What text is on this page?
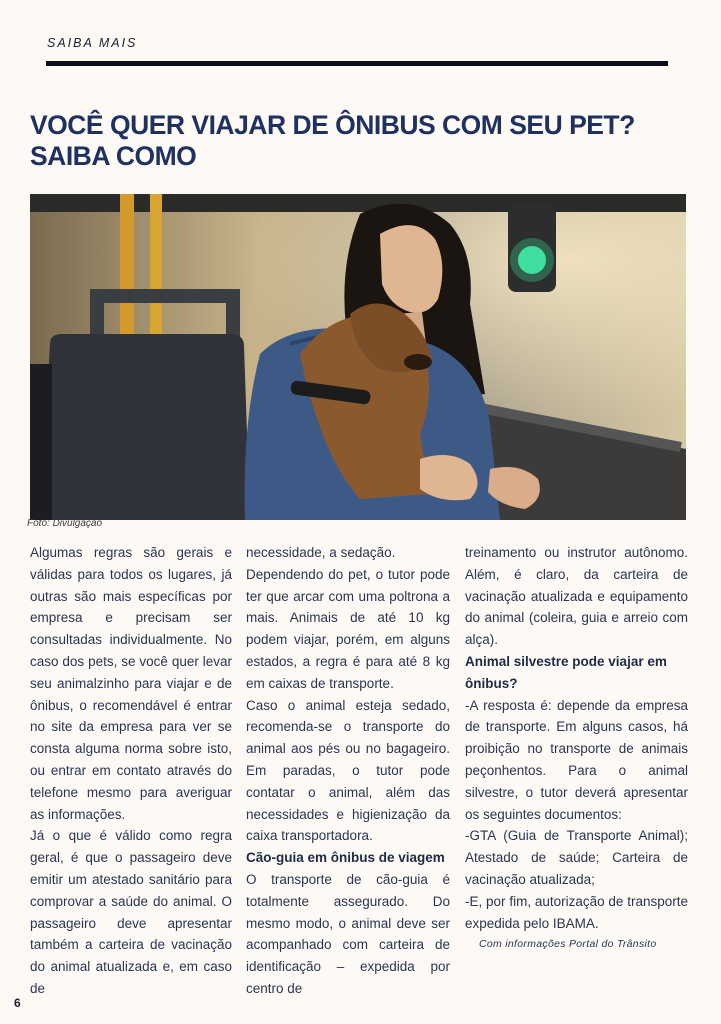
SAIBA MAIS
VOCÊ QUER VIAJAR DE ÔNIBUS COM SEU PET?
SAIBA COMO
Foto: Divulgação

Algumas regras são gerais e válidas para todos os lugares, já outras são mais específicas por empresa e precisam ser consultadas individualmente. No caso dos pets, se você quer levar seu animalzinho para viajar e de ônibus, o recomendável é entrar no site da empresa para ver se consta alguma norma sobre isto, ou entrar em contato através do telefone mesmo para averiguar as informações.

Já o que é válido como regra geral, é que o passageiro deve emitir um atestado sanitário para comprovar a saúde do animal. O passageiro deve apresentar também a carteira de vacinação do animal atualizada e, em caso de

necessidade, a sedação.

Dependendo do pet, o tutor pode ter que arcar com uma poltrona a mais. Animais de até 10 kg podem viajar, porém, em alguns estados, a regra é para até 8 kg em caixas de transporte.

Caso o animal esteja sedado, recomenda-se o transporte do animal aos pés ou no bagageiro. Em paradas, o tutor pode contatar o animal, além das necessidades e higienização da caixa transportadora.

Cão-guia em ônibus de viagem

O transporte de cão-guia é totalmente assegurado. Do mesmo modo, o animal deve ser acompanhado com carteira de identificação – expedida por centro de

treinamento ou instrutor autônomo. Além, é claro, da carteira de vacinação atualizada e equipamento do animal (coleira, guia e arreio com alça).

Animal silvestre pode viajar em ônibus?

-A resposta é: depende da empresa de transporte. Em alguns casos, há proibição no transporte de animais peçonhentos. Para o animal silvestre, o tutor deverá apresentar os seguintes documentos:

-GTA (Guia de Transporte Animal); Atestado de saúde; Carteira de vacinação atualizada;

-E, por fim, autorização de transporte expedida pelo IBAMA.

Com informações Portal do Trânsito
6
